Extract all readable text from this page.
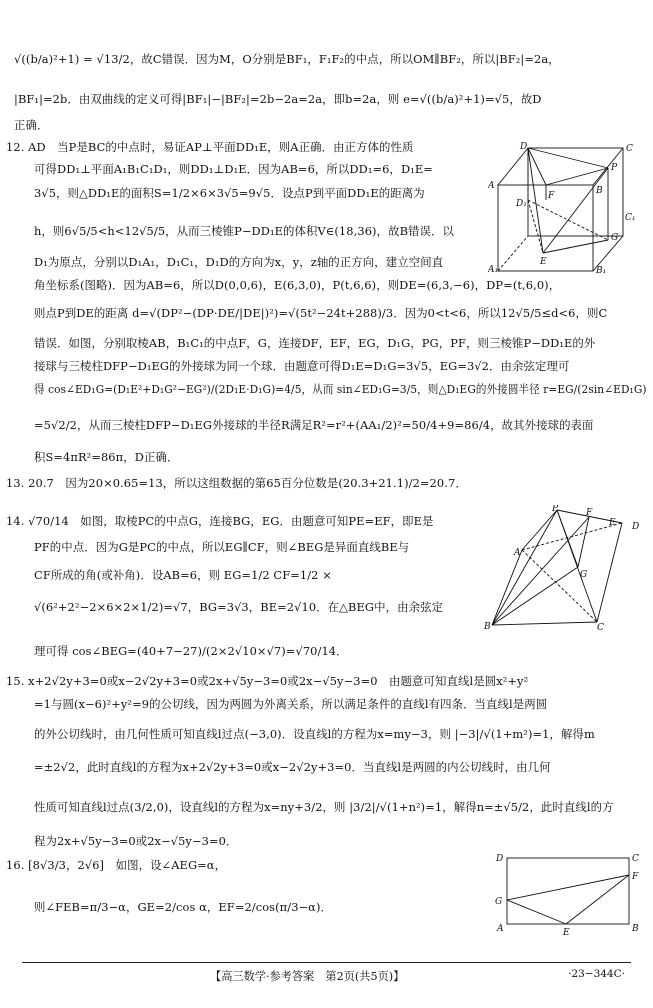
√((b/a)²+1) = √13/2，故C错误．因为M，O分别是BF₁，F₁F₂的中点，所以OM∥BF₂，所以|BF₂|=2a，
|BF₁|=2b．由双曲线的定义可得|BF₁|−|BF₂|=2b−2a=2a，即b=2a，则 e=√((b/a)²+1)=√5，故D
正确．
12. AD　当P是BC的中点时，易证AP⊥平面DD₁E，则A正确．由正方体的性质
可得DD₁⊥平面A₁B₁C₁D₁，则DD₁⊥D₁E．因为AB=6，所以DD₁=6，D₁E=
3√5，则△DD₁E的面积S=1/2×6×3√5=9√5．设点P到平面DD₁E的距离为
h，则6√5/5<h<12√5/5，从而三棱锥P−DD₁E的体积V∈(18,36)，故B错误．以
D₁为原点，分别以D₁A₁，D₁C₁，D₁D的方向为x，y，z轴的正方向，建立空间直
角坐标系(图略)．因为AB=6，所以D(0,0,6)，E(6,3,0)，P(t,6,6)，则DE=(6,3,−6)，DP=(t,6,0)，
则点P到DE的距离 d=√(DP²−(DP·DE/|DE|)²)=√(5t²−24t+288)/3．因为0<t<6，所以12√5/5≤d<6，则C
错误．如图，分别取棱AB，B₁C₁的中点F，G，连接DF，EF，EG，D₁G，PG，PF，则三棱锥P−DD₁E的外
接球与三棱柱DFP−D₁EG的外接球为同一个球．由题意可得D₁E=D₁G=3√5，EG=3√2．由余弦定理可
得 cos∠ED₁G=(D₁E²+D₁G²−EG²)/(2D₁E·D₁G)=4/5，从而 sin∠ED₁G=3/5，则△D₁EG的外接圆半径 r=EG/(2sin∠ED₁G)
=5√2/2，从而三棱柱DFP−D₁EG外接球的半径R满足R²=r²+(AA₁/2)²=50/4+9=86/4，故其外接球的表面
积S=4πR²=86π，D正确．
13. 20.7　因为20×0.65=13，所以这组数据的第65百分位数是(20.3+21.1)/2=20.7．
14. √70/14　如图，取棱PC的中点G，连接BG，EG．由题意可知PE=EF，即E是
PF的中点．因为G是PC的中点，所以EG∥CF，则∠BEG是异面直线BE与
CF所成的角(或补角)．设AB=6，则 EG=1/2 CF=1/2 ×
√(6²+2²−2×6×2×1/2)=√7，BG=3√3，BE=2√10．在△BEG中，由余弦定
理可得 cos∠BEG=(40+7−27)/(2×2√10×√7)=√70/14．
15. x+2√2y+3=0或x−2√2y+3=0或2x+√5y−3=0或2x−√5y−3=0　由题意可知直线l是圆x²+y²
=1与圆(x−6)²+y²=9的公切线，因为两圆为外离关系，所以满足条件的直线l有四条．当直线l是两圆
的外公切线时，由几何性质可知直线l过点(−3,0)．设直线l的方程为x=my−3，则 |−3|/√(1+m²)=1，解得m
=±2√2，此时直线l的方程为x+2√2y+3=0或x−2√2y+3=0．当直线l是两圆的内公切线时，由几何
性质可知直线l过点(3/2,0)，设直线l的方程为x=ny+3/2，则 |3/2|/√(1+n²)=1，解得n=±√5/2，此时直线l的方
程为2x+√5y−3=0或2x−√5y−3=0．
16. [8√3/3，2√6]　如图，设∠AEG=α，
则∠FEB=π/3−α，GE=2/cos α，EF=2/cos(π/3−α)．
D	C
P
A	B
F
D₁
C₁
G
A₁
E
B₁
P	F
E
A
D
G
B	C
D	C
F
G
A	E	B
【高三数学·参考答案　第2页(共5页)】	·23−344C·
